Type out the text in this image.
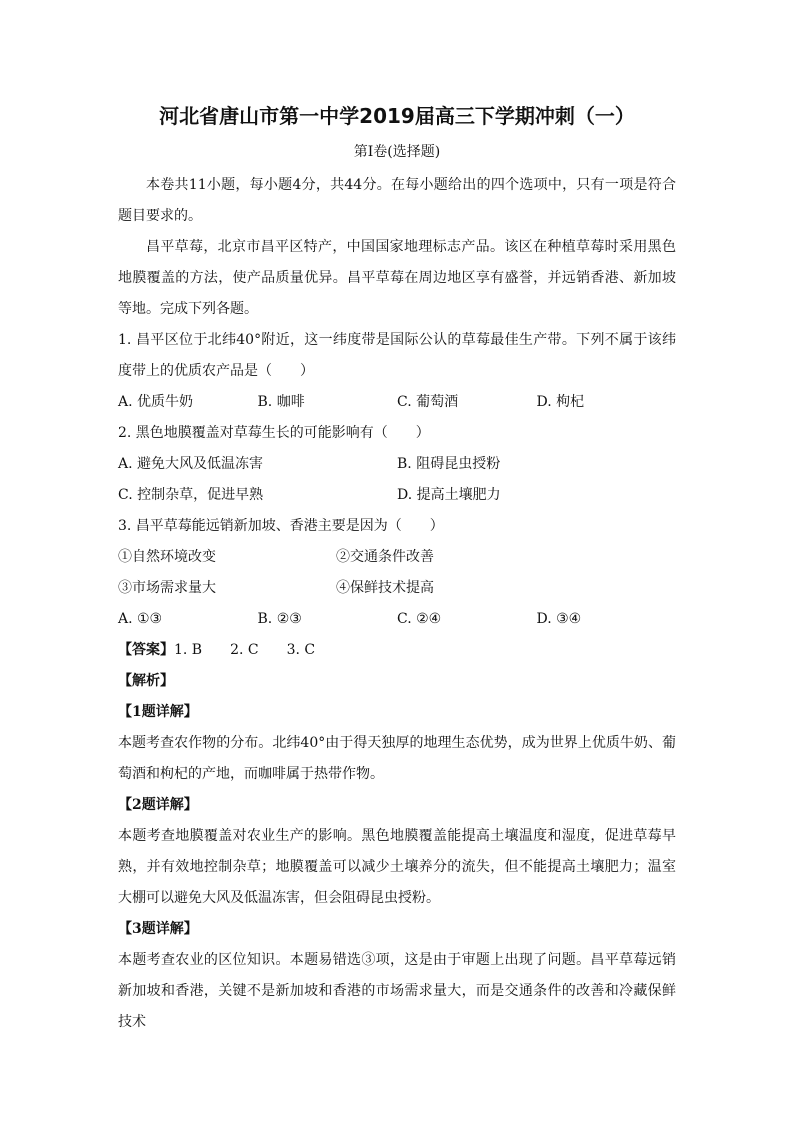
河北省唐山市第一中学2019届高三下学期冲刺（一）
第Ⅰ卷(选择题)

本卷共11小题，每小题4分，共44分。在每小题给出的四个选项中，只有一项是符合题目要求的。

昌平草莓，北京市昌平区特产，中国国家地理标志产品。该区在种植草莓时采用黑色地膜覆盖的方法，使产品质量优异。昌平草莓在周边地区享有盛誉，并远销香港、新加坡等地。完成下列各题。

1. 昌平区位于北纬40°附近，这一纬度带是国际公认的草莓最佳生产带。下列不属于该纬度带上的优质农产品是（　　）

A. 优质牛奶	B. 咖啡	C. 葡萄酒	D. 枸杞

2. 黑色地膜覆盖对草莓生长的可能影响有（　　）

A. 避免大风及低温冻害	B. 阻碍昆虫授粉
C. 控制杂草，促进早熟	D. 提高土壤肥力

3. 昌平草莓能远销新加坡、香港主要是因为（　　）

①自然环境改变	②交通条件改善
③市场需求量大	④保鲜技术提高
A. ①③	B. ②③	C. ②④	D. ③④

【答案】1. B　　2. C　　3. C

【解析】

【1题详解】

本题考查农作物的分布。北纬40°由于得天独厚的地理生态优势，成为世界上优质牛奶、葡萄酒和枸杞的产地，而咖啡属于热带作物。

【2题详解】

本题考查地膜覆盖对农业生产的影响。黑色地膜覆盖能提高土壤温度和湿度，促进草莓早熟，并有效地控制杂草；地膜覆盖可以减少土壤养分的流失，但不能提高土壤肥力；温室大棚可以避免大风及低温冻害，但会阻碍昆虫授粉。

【3题详解】

本题考查农业的区位知识。本题易错选③项，这是由于审题上出现了问题。昌平草莓远销新加坡和香港，关键不是新加坡和香港的市场需求量大，而是交通条件的改善和冷藏保鲜技术
